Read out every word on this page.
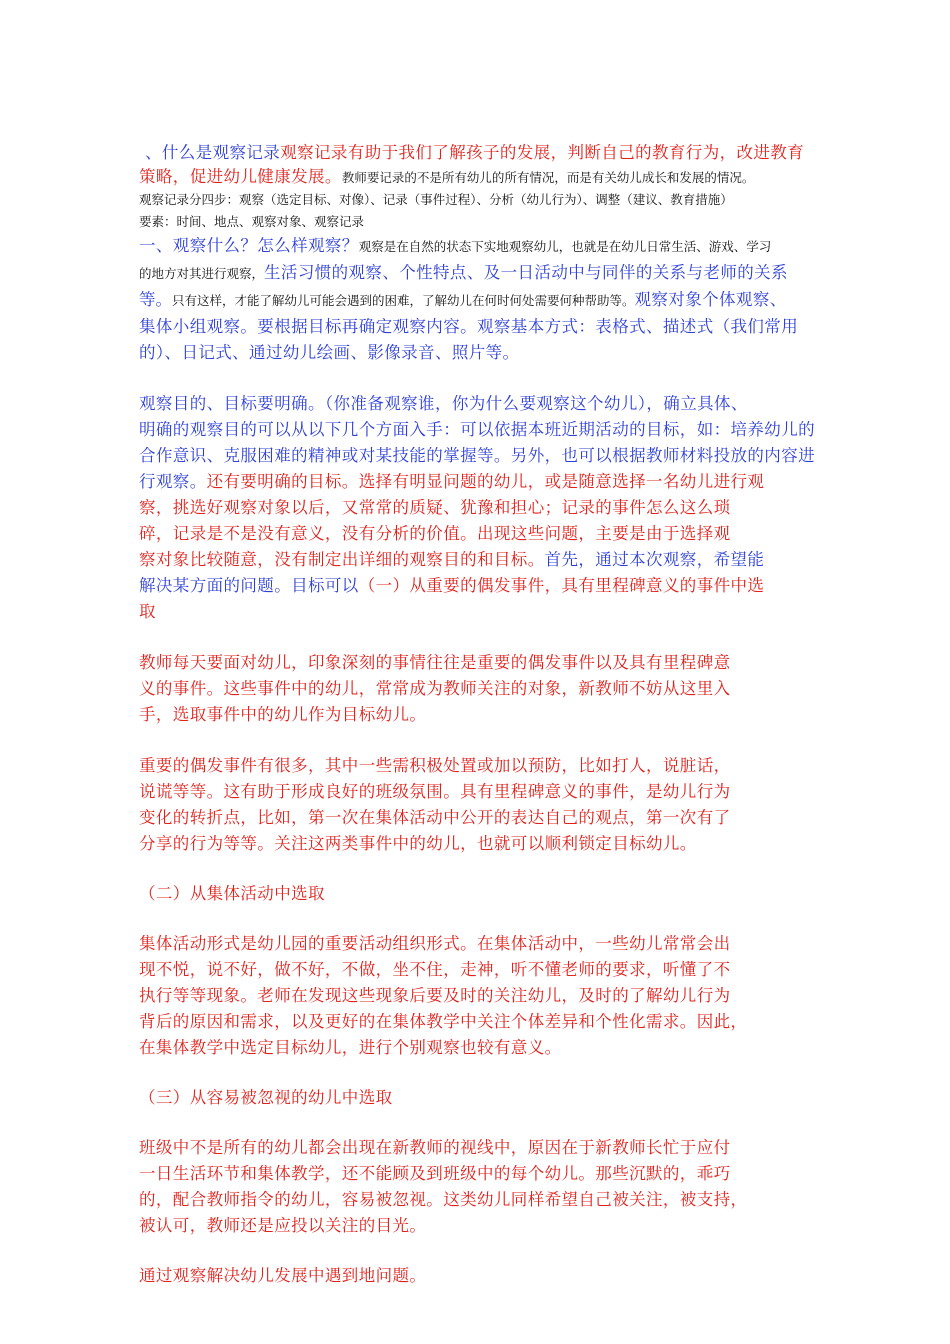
、什么是观察记录观察记录有助于我们了解孩子的发展，判断自己的教育行为，改进教育

策略，促进幼儿健康发展。教师要记录的不是所有幼儿的所有情况，而是有关幼儿成长和发展的情况。

观察记录分四步：观察（选定目标、对像）、记录（事件过程）、分析（幼儿行为）、调整（建议、教育措施）

要素：时间、地点、观察对象、观察记录

一、观察什么？怎么样观察？观察是在自然的状态下实地观察幼儿，也就是在幼儿日常生活、游戏、学习

的地方对其进行观察，生活习惯的观察、个性特点、及一日活动中与同伴的关系与老师的关系

等。只有这样，才能了解幼儿可能会遇到的困难，了解幼儿在何时何处需要何种帮助等。观察对象个体观察、

集体小组观察。要根据目标再确定观察内容。观察基本方式：表格式、描述式（我们常用

的）、日记式、通过幼儿绘画、影像录音、照片等。

观察目的、目标要明确。（你准备观察谁，你为什么要观察这个幼儿），确立具体、

明确的观察目的可以从以下几个方面入手：可以依据本班近期活动的目标，如：培养幼儿的

合作意识、克服困难的精神或对某技能的掌握等。另外，也可以根据教师材料投放的内容进

行观察。还有要明确的目标。选择有明显问题的幼儿，或是随意选择一名幼儿进行观

察，挑选好观察对象以后，又常常的质疑、犹豫和担心；记录的事件怎么这么琐

碎，记录是不是没有意义，没有分析的价值。出现这些问题，主要是由于选择观

察对象比较随意，没有制定出详细的观察目的和目标。首先，通过本次观察，希望能

解决某方面的问题。目标可以（一）从重要的偶发事件，具有里程碑意义的事件中选

取

教师每天要面对幼儿，印象深刻的事情往往是重要的偶发事件以及具有里程碑意

义的事件。这些事件中的幼儿，常常成为教师关注的对象，新教师不妨从这里入

手，选取事件中的幼儿作为目标幼儿。

重要的偶发事件有很多，其中一些需积极处置或加以预防，比如打人，说脏话，

说谎等等。这有助于形成良好的班级氛围。具有里程碑意义的事件，是幼儿行为

变化的转折点，比如，第一次在集体活动中公开的表达自己的观点，第一次有了

分享的行为等等。关注这两类事件中的幼儿，也就可以顺利锁定目标幼儿。

（二）从集体活动中选取

集体活动形式是幼儿园的重要活动组织形式。在集体活动中，一些幼儿常常会出

现不悦，说不好，做不好，不做，坐不住，走神，听不懂老师的要求，听懂了不

执行等等现象。老师在发现这些现象后要及时的关注幼儿，及时的了解幼儿行为

背后的原因和需求，以及更好的在集体教学中关注个体差异和个性化需求。因此，

在集体教学中选定目标幼儿，进行个别观察也较有意义。

（三）从容易被忽视的幼儿中选取

班级中不是所有的幼儿都会出现在新教师的视线中，原因在于新教师长忙于应付

一日生活环节和集体教学，还不能顾及到班级中的每个幼儿。那些沉默的，乖巧

的，配合教师指令的幼儿，容易被忽视。这类幼儿同样希望自己被关注，被支持，

被认可，教师还是应投以关注的目光。

通过观察解决幼儿发展中遇到地问题。
